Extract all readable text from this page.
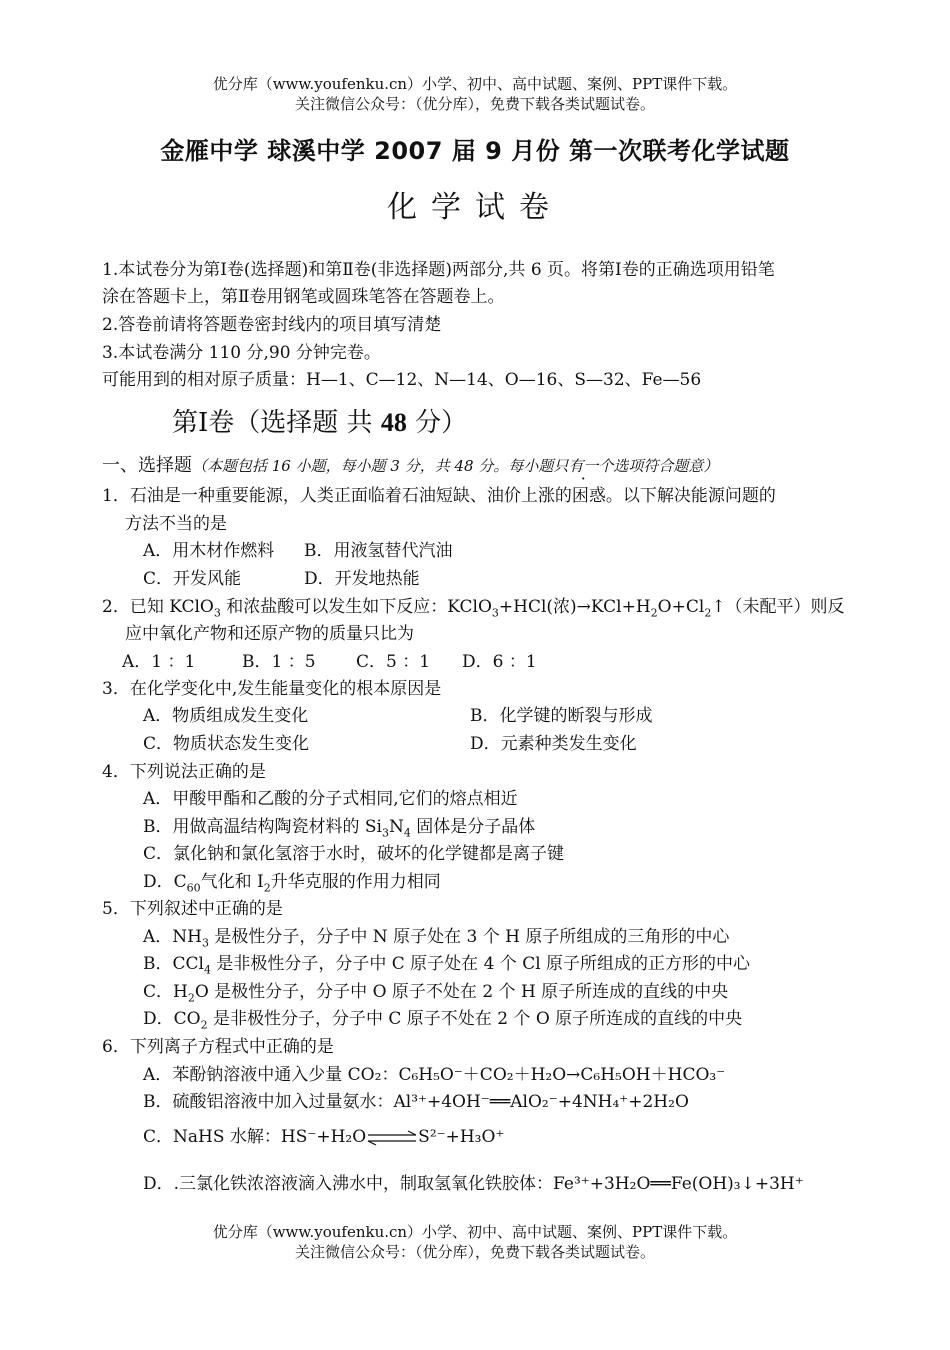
优分库（www.youfenku.cn）小学、初中、高中试题、案例、PPT课件下载。
关注微信公众号：（优分库），免费下载各类试题试卷。
金雁中学 球溪中学 2007 届 9 月份 第一次联考化学试题
化学试卷
1.本试卷分为第Ⅰ卷(选择题)和第Ⅱ卷(非选择题)两部分,共 6 页。将第Ⅰ卷的正确选项用铅笔
涂在答题卡上，第Ⅱ卷用钢笔或圆珠笔答在答题卷上。
2.答卷前请将答题卷密封线内的项目填写清楚
3.本试卷满分 110 分,90 分钟完卷。
可能用到的相对原子质量：H—1、C—12、N—14、O—16、S—32、Fe—56
第Ⅰ卷（选择题 共 48 分）
一、选择题（本题包括 16 小题，每小题 3 分，共 48 分。每小题只有一个选项符合题意）
1．石油是一种重要能源，人类正面临着石油短缺、油价上涨的困惑。以下解决能源问题的
方法不当的是
A．用木材作燃料 B．用液氢替代汽油
C．开发风能	D．开发地热能
2．已知 KClO$_3$ 和浓盐酸可以发生如下反应：KClO$_3$+HCl(浓)$\to KCl+H_2O+Cl_2↑$（未配平）则反
应中氧化产物和还原产物的质量只比为
A．1 ：1	B．1 ：5 C．5 ：1 D．6 ：1
3．在化学变化中,发生能量变化的根本原因是
A．物质组成发生变化	B．化学键的断裂与形成
C．物质状态发生变化	D．元素种类发生变化
4．下列说法正确的是
A．甲酸甲酯和乙酸的分子式相同,它们的熔点相近
B．用做高温结构陶瓷材料的 $Si_3N_4$ 固体是分子晶体
C．氯化钠和氯化氢溶于水时，破坏的化学键都是离子键
D．$C_{60}$气化和 $I_2$升华克服的作用力相同
5．下列叙述中正确的是
A．$NH_3$ 是极性分子，分子中 N 原子处在 3 个 H 原子所组成的三角形的中心
B．CCl$_4$ 是非极性分子，分子中 C 原子处在 4 个 Cl 原子所组成的正方形的中心
C．$H_2O$ 是极性分子，分子中 O 原子不处在 2 个 H 原子所连成的直线的中央
D．$CO_2$ 是非极性分子，分子中 C 原子不处在 2 个 O 原子所连成的直线的中央
6．下列离子方程式中正确的是
A．苯酚钠溶液中通入少量 CO₂：C₆H₅O⁻＋CO₂＋H₂O→C₆H₅OH＋HCO₃⁻
B．硫酸铝溶液中加入过量氨水：Al³⁺+4OH⁻══AlO₂⁻+4NH₄⁺+2H₂O
C．NaHS 水解：HS⁻+H₂O⇌S²⁻+H₃O⁺
D．.三氯化铁浓溶液滴入沸水中，制取氢氧化铁胶体：Fe³⁺+3H₂O══Fe(OH)₃↓+3H⁺
优分库（www.youfenku.cn）小学、初中、高中试题、案例、PPT课件下载。
关注微信公众号：（优分库），免费下载各类试题试卷。
